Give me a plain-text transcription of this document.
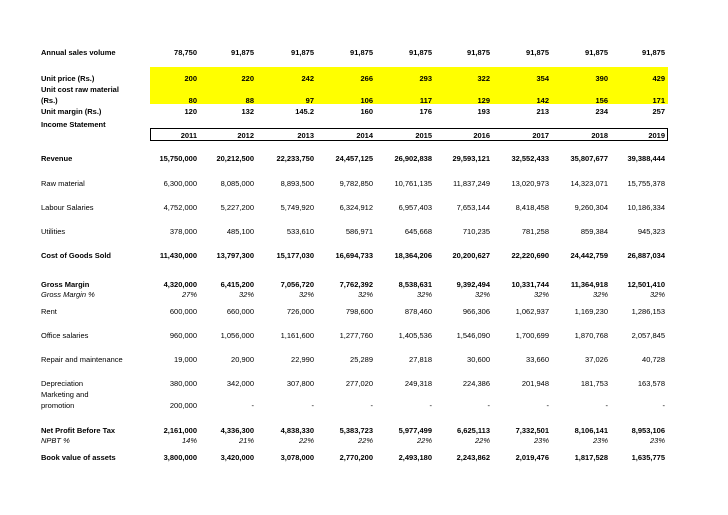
Annual sales volume	78,750	91,875	91,875	91,875	91,875	91,875	91,875	91,875	91,875
Unit price (Rs.)	200	220	242	266	293	322	354	390	429
Unit cost raw material
(Rs.)	80	88	97	106	117	129	142	156	171
Unit margin (Rs.)	120	132	145.2	160	176	193	213	234	257
Income Statement
2011	2012	2013	2014	2015	2016	2017	2018	2019
Revenue	15,750,000	20,212,500	22,233,750	24,457,125	26,902,838	29,593,121	32,552,433	35,807,677	39,388,444
Raw material	6,300,000	8,085,000	8,893,500	9,782,850	10,761,135	11,837,249	13,020,973	14,323,071	15,755,378
Labour Salaries	4,752,000	5,227,200	5,749,920	6,324,912	6,957,403	7,653,144	8,418,458	9,260,304	10,186,334
Utilities	378,000	485,100	533,610	586,971	645,668	710,235	781,258	859,384	945,323
Cost of Goods Sold	11,430,000	13,797,300	15,177,030	16,694,733	18,364,206	20,200,627	22,220,690	24,442,759	26,887,034
Gross Margin	4,320,000	6,415,200	7,056,720	7,762,392	8,538,631	9,392,494	10,331,744	11,364,918	12,501,410
Gross Margin %	27%	32%	32%	32%	32%	32%	32%	32%	32%
Rent	600,000	660,000	726,000	798,600	878,460	966,306	1,062,937	1,169,230	1,286,153
Office salaries	960,000	1,056,000	1,161,600	1,277,760	1,405,536	1,546,090	1,700,699	1,870,768	2,057,845
Repair and maintenance	19,000	20,900	22,990	25,289	27,818	30,600	33,660	37,026	40,728
Depreciation	380,000	342,000	307,800	277,020	249,318	224,386	201,948	181,753	163,578
Marketing and
promotion	200,000	-	-	-	-	-	-	-	-
Net Profit Before Tax	2,161,000	4,336,300	4,838,330	5,383,723	5,977,499	6,625,113	7,332,501	8,106,141	8,953,106
NPBT %	14%	21%	22%	22%	22%	22%	23%	23%	23%
Book value of assets	3,800,000	3,420,000	3,078,000	2,770,200	2,493,180	2,243,862	2,019,476	1,817,528	1,635,775
